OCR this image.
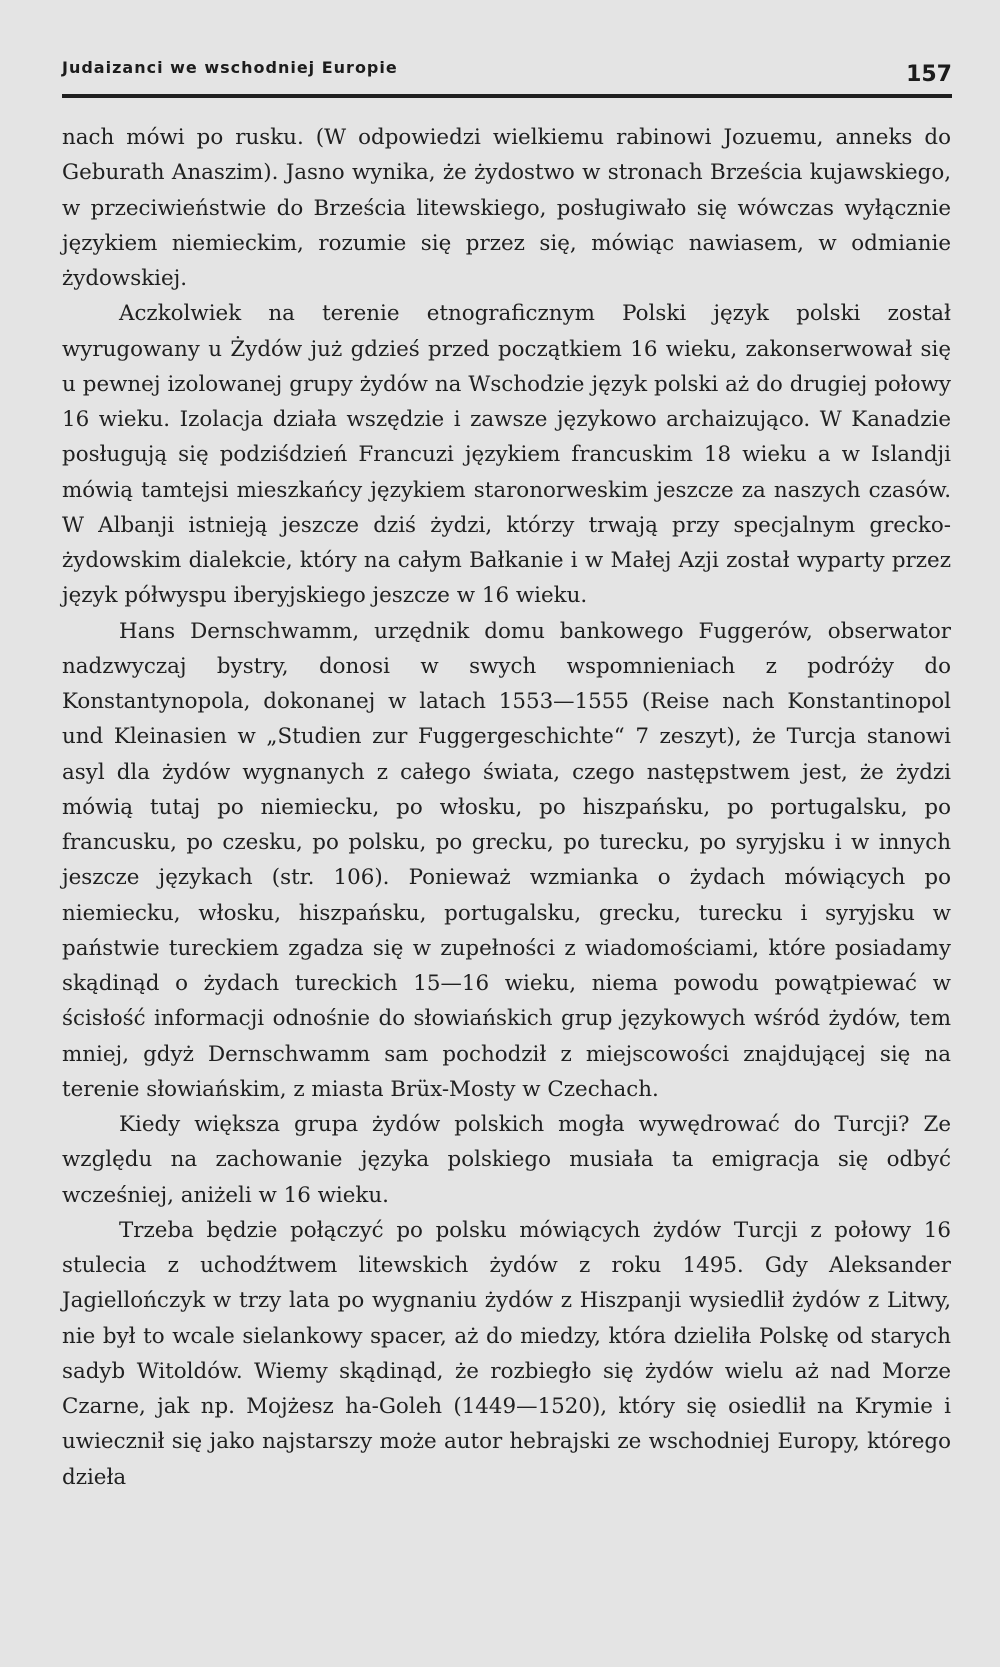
Judaizanci we wschodniej Europie	157

nach mówi po rusku. (W odpowiedzi wielkiemu rabinowi Jozuemu, anneks do Geburath Anaszim). Jasno wynika, że żydostwo w stronach Brześcia kujawskiego, w przeciwieństwie do Brześcia litewskiego, posługiwało się wówczas wyłącznie językiem niemieckim, rozumie się przez się, mówiąc nawiasem, w odmianie żydowskiej.

Aczkolwiek na terenie etnograficznym Polski język polski został wyrugowany u Żydów już gdzieś przed początkiem 16 wieku, zakonserwował się u pewnej izolowanej grupy żydów na Wschodzie język polski aż do drugiej połowy 16 wieku. Izolacja działa wszędzie i zawsze językowo archaizująco. W Kanadzie posługują się podziśdzień Francuzi językiem francuskim 18 wieku a w Islandji mówią tamtejsi mieszkańcy językiem staronorweskim jeszcze za naszych czasów. W Albanji istnieją jeszcze dziś żydzi, którzy trwają przy specjalnym grecko-żydowskim dialekcie, który na całym Bałkanie i w Małej Azji został wyparty przez język półwyspu iberyjskiego jeszcze w 16 wieku.

Hans Dernschwamm, urzędnik domu bankowego Fuggerów, obserwator nadzwyczaj bystry, donosi w swych wspomnieniach z podróży do Konstantynopola, dokonanej w latach 1553—1555 (Reise nach Konstantinopol und Kleinasien w „Studien zur Fuggergeschichte“ 7 zeszyt), że Turcja stanowi asyl dla żydów wygnanych z całego świata, czego następstwem jest, że żydzi mówią tutaj po niemiecku, po włosku, po hiszpańsku, po portugalsku, po francusku, po czesku, po polsku, po grecku, po turecku, po syryjsku i w innych jeszcze językach (str. 106). Ponieważ wzmianka o żydach mówiących po niemiecku, włosku, hiszpańsku, portugalsku, grecku, turecku i syryjsku w państwie tureckiem zgadza się w zupełności z wiadomościami, które posiadamy skądinąd o żydach tureckich 15—16 wieku, niema powodu powątpiewać w ścisłość informacji odnośnie do słowiańskich grup językowych wśród żydów, tem mniej, gdyż Dernschwamm sam pochodził z miejscowości znajdującej się na terenie słowiańskim, z miasta Brüx-Mosty w Czechach.

Kiedy większa grupa żydów polskich mogła wywędrować do Turcji? Ze względu na zachowanie języka polskiego musiała ta emigracja się odbyć wcześniej, aniżeli w 16 wieku.

Trzeba będzie połączyć po polsku mówiących żydów Turcji z połowy 16 stulecia z uchodźtwem litewskich żydów z roku 1495. Gdy Aleksander Jagiellończyk w trzy lata po wygnaniu żydów z Hiszpanji wysiedlił żydów z Litwy, nie był to wcale sielankowy spacer, aż do miedzy, która dzieliła Polskę od starych sadyb Witoldów. Wiemy skądinąd, że rozbiegło się żydów wielu aż nad Morze Czarne, jak np. Mojżesz ha-Goleh (1449—1520), który się osiedlił na Krymie i uwiecznił się jako najstarszy może autor hebrajski ze wschodniej Europy, którego dzieła
